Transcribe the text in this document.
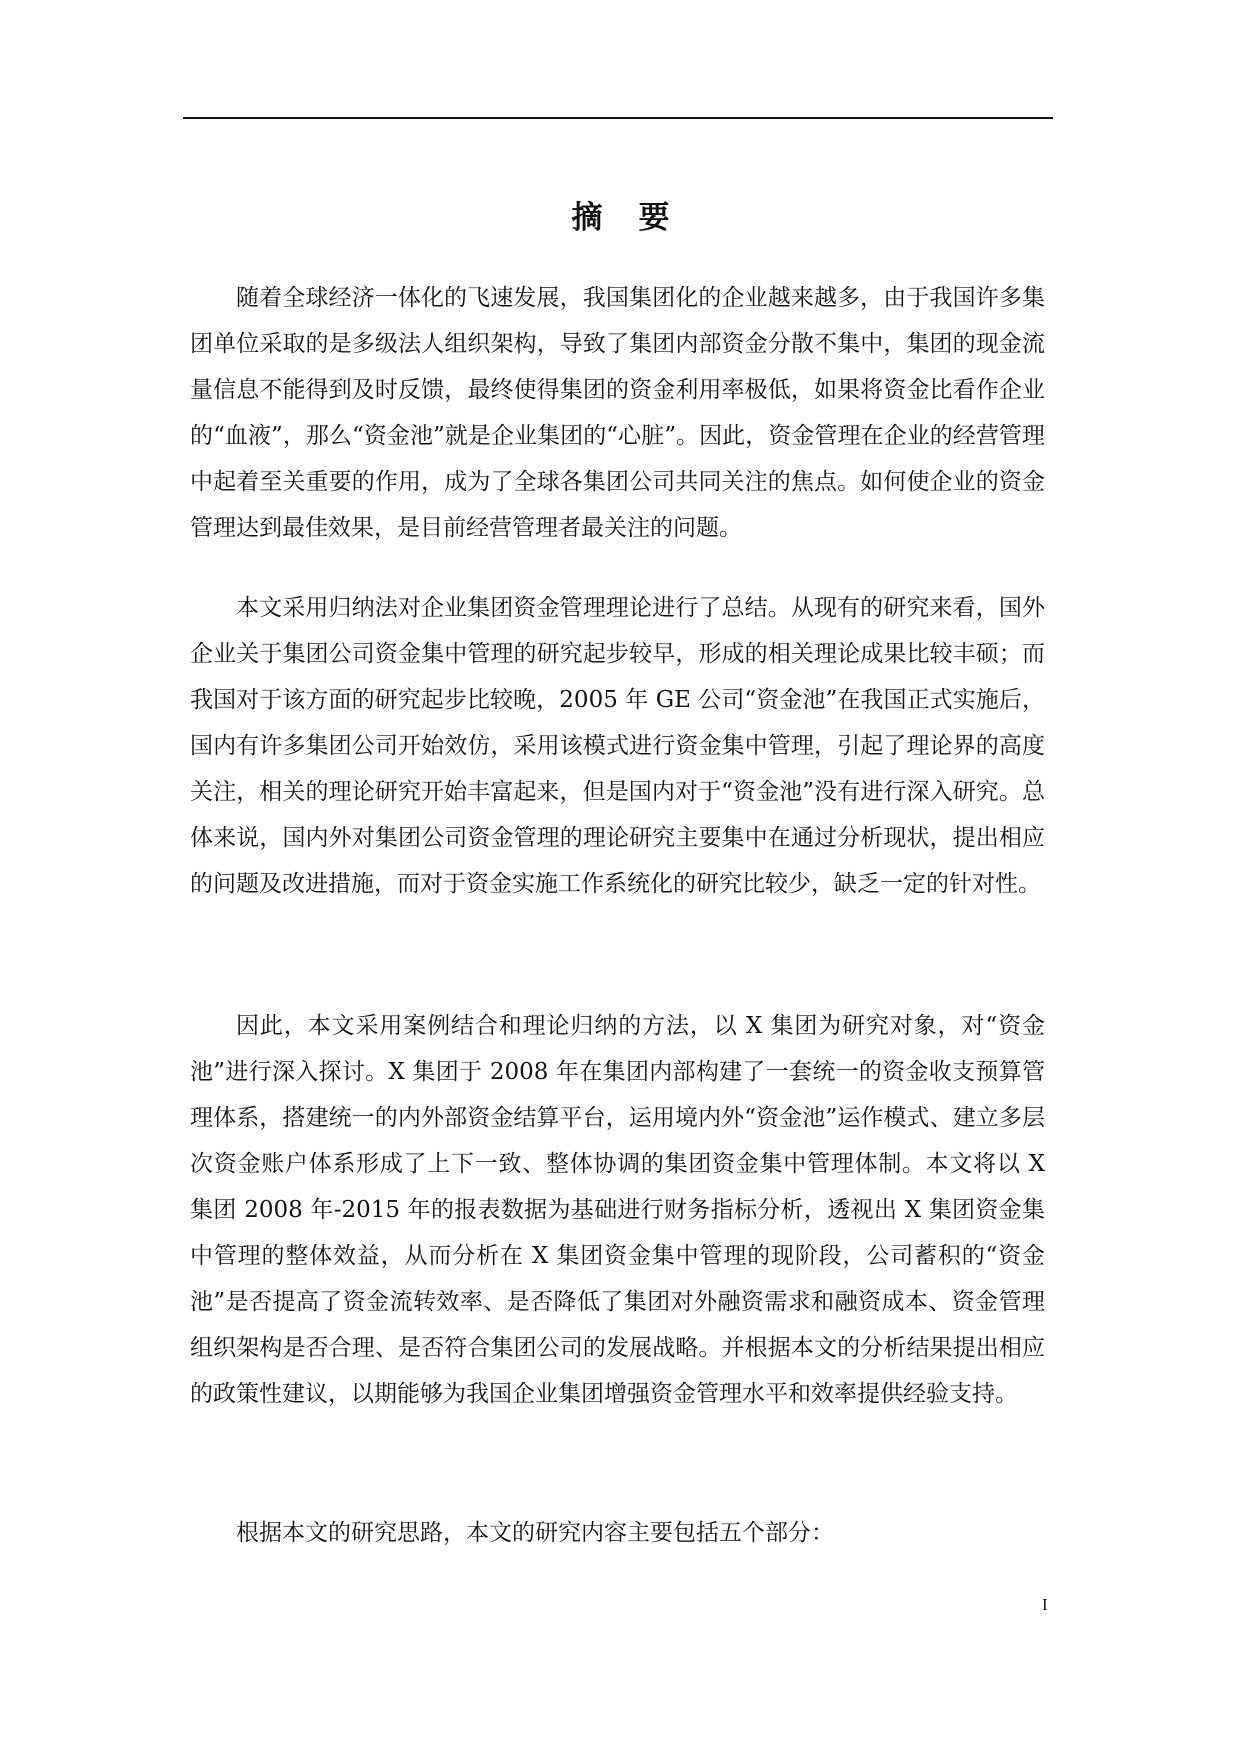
摘要

随着全球经济一体化的飞速发展，我国集团化的企业越来越多，由于我国许多集团单位采取的是多级法人组织架构，导致了集团内部资金分散不集中，集团的现金流量信息不能得到及时反馈，最终使得集团的资金利用率极低，如果将资金比看作企业的“血液”，那么“资金池”就是企业集团的“心脏”。因此，资金管理在企业的经营管理中起着至关重要的作用，成为了全球各集团公司共同关注的焦点。如何使企业的资金管理达到最佳效果，是目前经营管理者最关注的问题。

本文采用归纳法对企业集团资金管理理论进行了总结。从现有的研究来看，国外企业关于集团公司资金集中管理的研究起步较早，形成的相关理论成果比较丰硕；而我国对于该方面的研究起步比较晚，2005 年 GE 公司“资金池”在我国正式实施后，国内有许多集团公司开始效仿，采用该模式进行资金集中管理，引起了理论界的高度关注，相关的理论研究开始丰富起来，但是国内对于“资金池”没有进行深入研究。总体来说，国内外对集团公司资金管理的理论研究主要集中在通过分析现状，提出相应的问题及改进措施，而对于资金实施工作系统化的研究比较少，缺乏一定的针对性。

因此，本文采用案例结合和理论归纳的方法，以 X 集团为研究对象，对“资金池”进行深入探讨。X 集团于 2008 年在集团内部构建了一套统一的资金收支预算管理体系，搭建统一的内外部资金结算平台，运用境内外“资金池”运作模式、建立多层次资金账户体系形成了上下一致、整体协调的集团资金集中管理体制。本文将以 X 集团 2008 年-2015 年的报表数据为基础进行财务指标分析，透视出 X 集团资金集中管理的整体效益，从而分析在 X 集团资金集中管理的现阶段，公司蓄积的“资金池”是否提高了资金流转效率、是否降低了集团对外融资需求和融资成本、资金管理组织架构是否合理、是否符合集团公司的发展战略。并根据本文的分析结果提出相应的政策性建议，以期能够为我国企业集团增强资金管理水平和效率提供经验支持。

根据本文的研究思路，本文的研究内容主要包括五个部分：

I
